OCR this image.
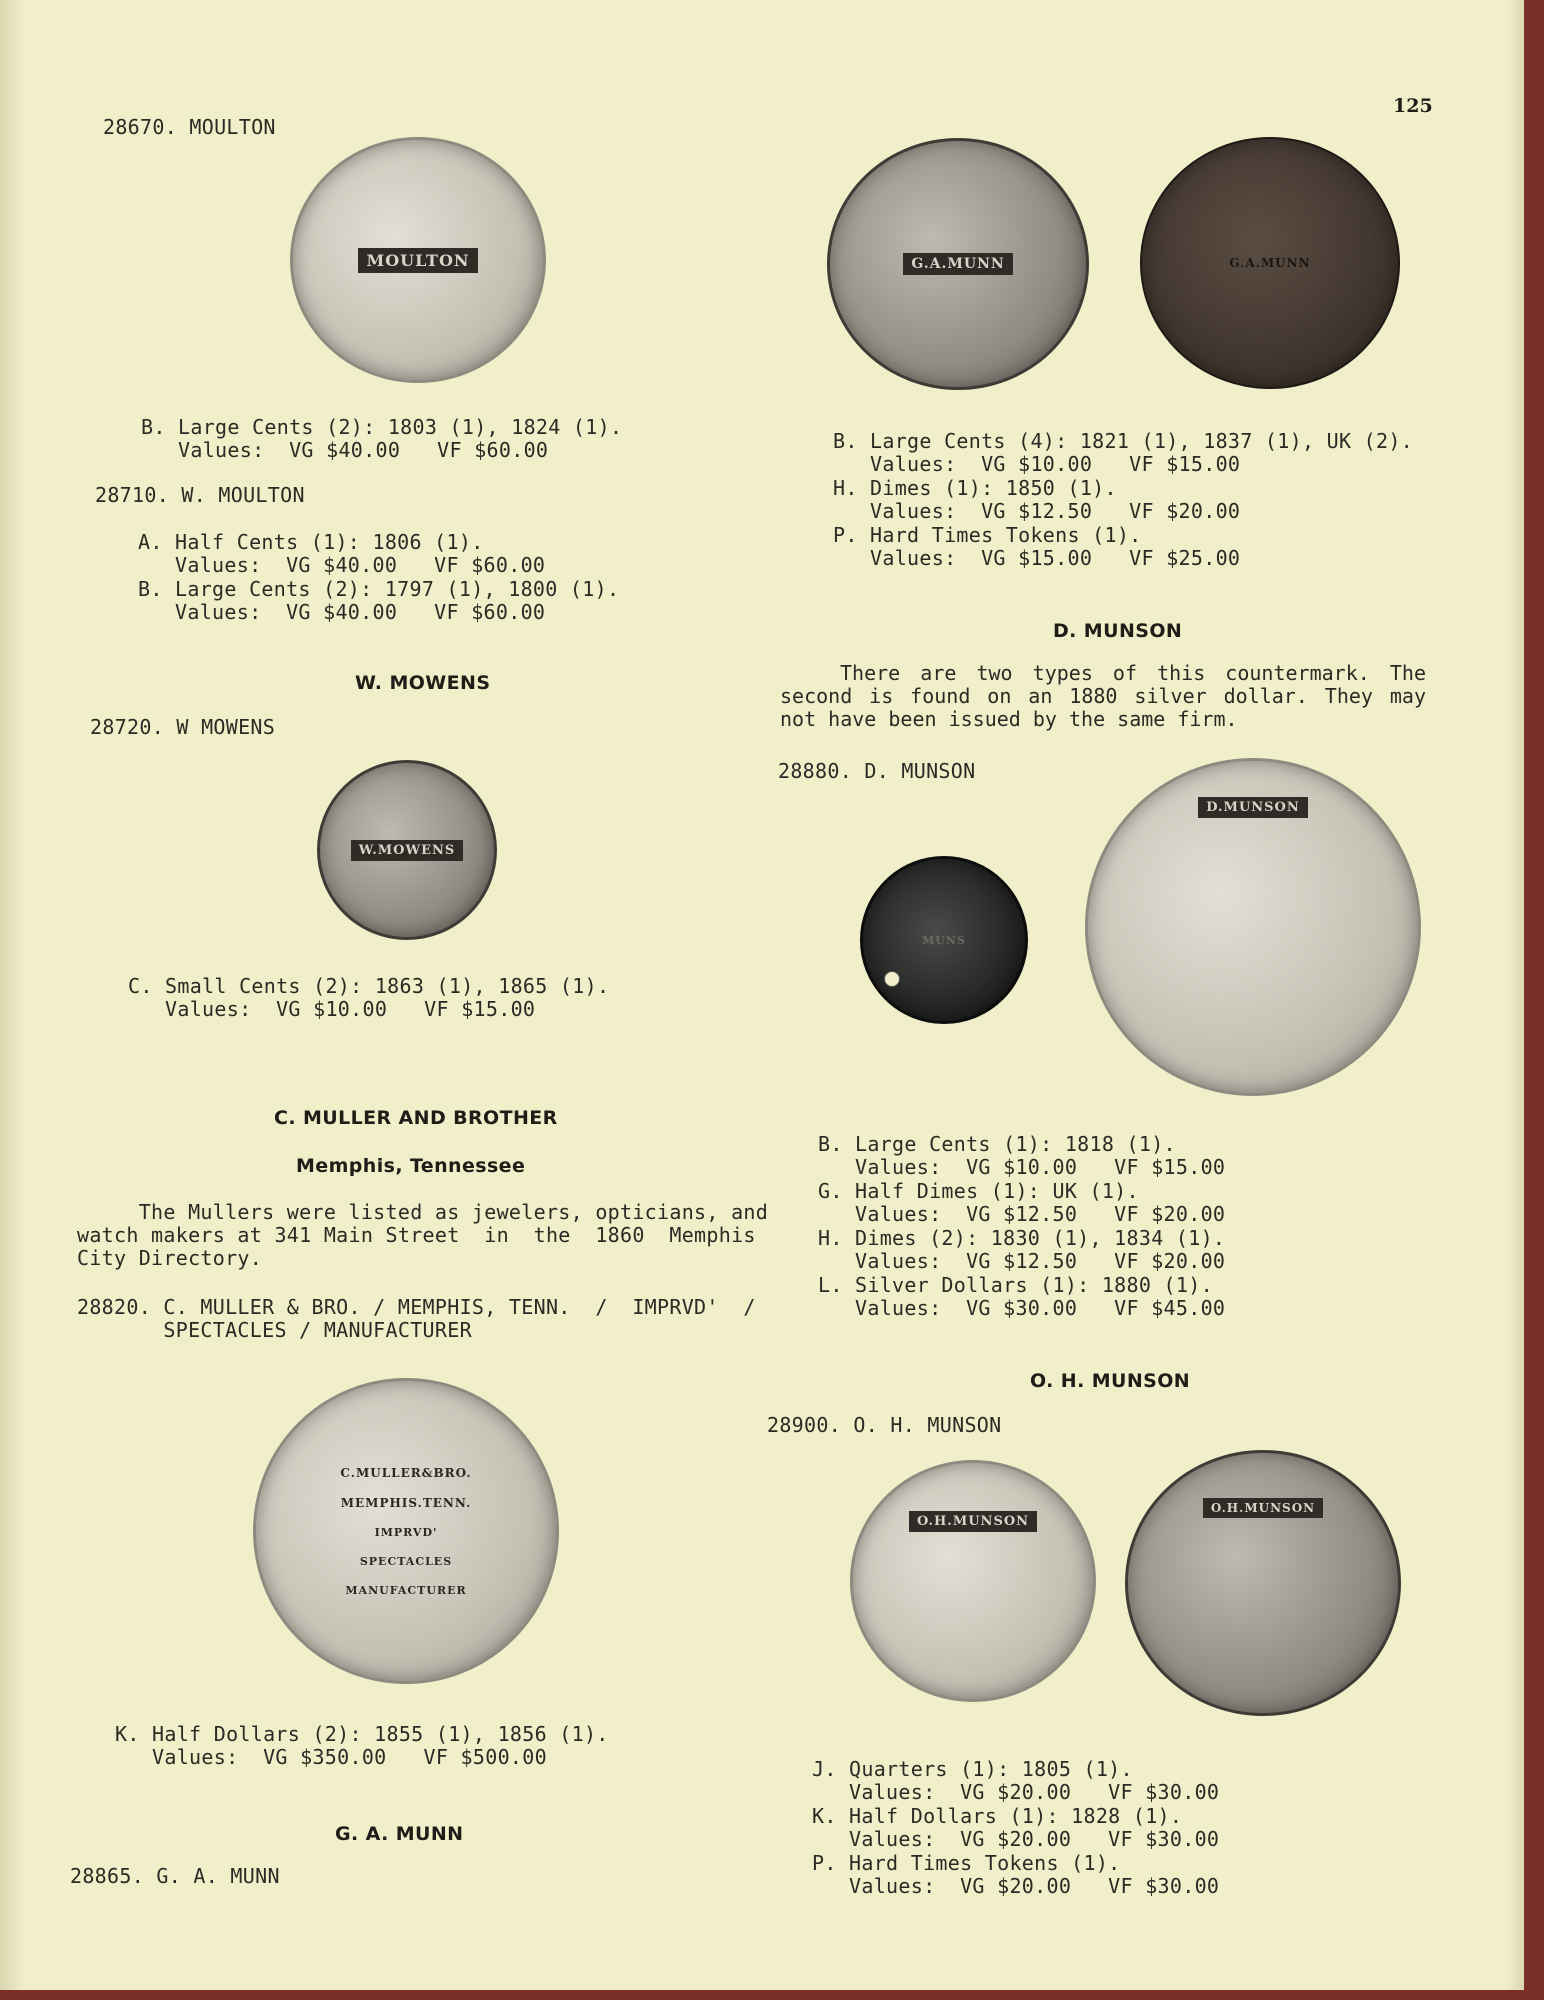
125
28670. MOULTON
MOULTON
B. Large Cents (2): 1803 (1), 1824 (1).
Values:  VG $40.00   VF $60.00
28710. W. MOULTON
A. Half Cents (1): 1806 (1).
Values:  VG $40.00   VF $60.00
B. Large Cents (2): 1797 (1), 1800 (1).
Values:  VG $40.00   VF $60.00
W. MOWENS
28720. W MOWENS
W.MOWENS
C. Small Cents (2): 1863 (1), 1865 (1).
Values:  VG $10.00   VF $15.00
C. MULLER AND BROTHER
Memphis, Tennessee
The Mullers were listed as jewelers, opticians, and
watch makers at 341 Main Street  in  the  1860  Memphis
City Directory.
28820. C. MULLER & BRO. / MEMPHIS, TENN.  /  IMPRVD'  /
SPECTACLES / MANUFACTURER
C.MULLER&BRO.
MEMPHIS.TENN.
IMPRVD'
SPECTACLES
MANUFACTURER
K. Half Dollars (2): 1855 (1), 1856 (1).
Values:  VG $350.00   VF $500.00
G. A. MUNN
28865. G. A. MUNN
G.A.MUNN	G.A.MUNN
B. Large Cents (4): 1821 (1), 1837 (1), UK (2).
Values:  VG $10.00   VF $15.00
H. Dimes (1): 1850 (1).
Values:  VG $12.50   VF $20.00
P. Hard Times Tokens (1).
Values:  VG $15.00   VF $25.00
D. MUNSON
There are two types of this countermark. The second is found on an 1880 silver dollar. They may not have been issued by the same firm.
28880. D. MUNSON
MUNS
D.MUNSON
B. Large Cents (1): 1818 (1).
Values:  VG $10.00   VF $15.00
G. Half Dimes (1): UK (1).
Values:  VG $12.50   VF $20.00
H. Dimes (2): 1830 (1), 1834 (1).
Values:  VG $12.50   VF $20.00
L. Silver Dollars (1): 1880 (1).
Values:  VG $30.00   VF $45.00
O. H. MUNSON
28900. O. H. MUNSON
O.H.MUNSON
O.H.MUNSON
J. Quarters (1): 1805 (1).
Values:  VG $20.00   VF $30.00
K. Half Dollars (1): 1828 (1).
Values:  VG $20.00   VF $30.00
P. Hard Times Tokens (1).
Values:  VG $20.00   VF $30.00
